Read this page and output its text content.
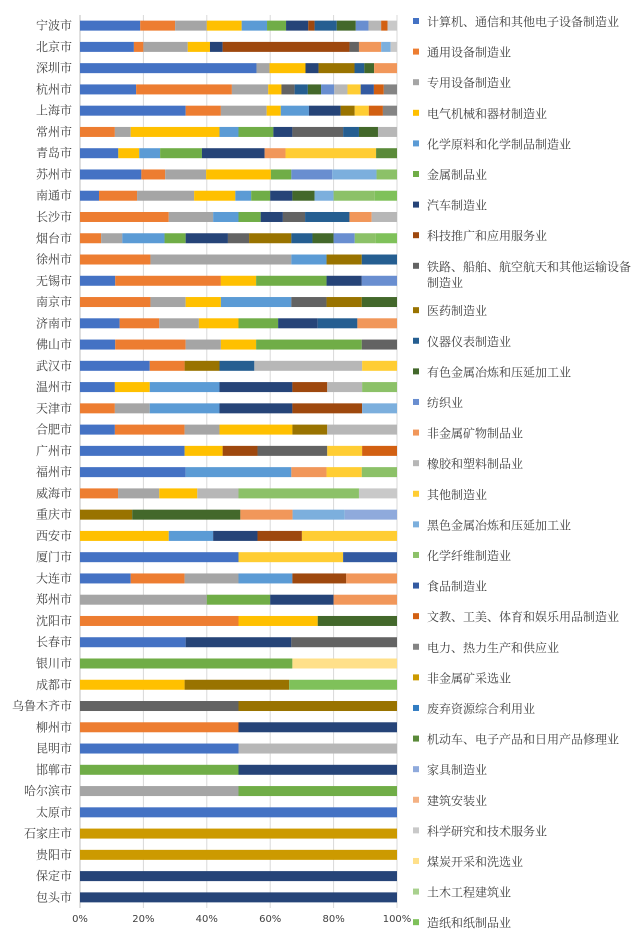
宁波市
北京市
深圳市
杭州市
上海市
常州市
青岛市
苏州市
南通市
长沙市
烟台市
徐州市
无锡市
南京市
济南市
佛山市
武汉市
温州市
天津市
合肥市
广州市
福州市
威海市
重庆市
西安市
厦门市
大连市
郑州市
沈阳市
长春市
银川市
成都市
乌鲁木齐市
柳州市
昆明市
邯郸市
哈尔滨市
太原市
石家庄市
贵阳市
保定市
包头市
0%	20%	40%	60%	80%	100%
计算机、通信和其他电子设备制造业
通用设备制造业
专用设备制造业
电气机械和器材制造业
化学原料和化学制品制造业
金属制品业
汽车制造业
科技推广和应用服务业
铁路、船舶、航空航天和其他运输设备
制造业
医药制造业
仪器仪表制造业
有色金属冶炼和压延加工业
纺织业
非金属矿物制品业
橡胶和塑料制品业
其他制造业
黑色金属冶炼和压延加工业
化学纤维制造业
食品制造业
文教、工美、体育和娱乐用品制造业
电力、热力生产和供应业
非金属矿采选业
废弃资源综合利用业
机动车、电子产品和日用产品修理业
家具制造业
建筑安装业
科学研究和技术服务业
煤炭开采和洗选业
土木工程建筑业
造纸和纸制品业
